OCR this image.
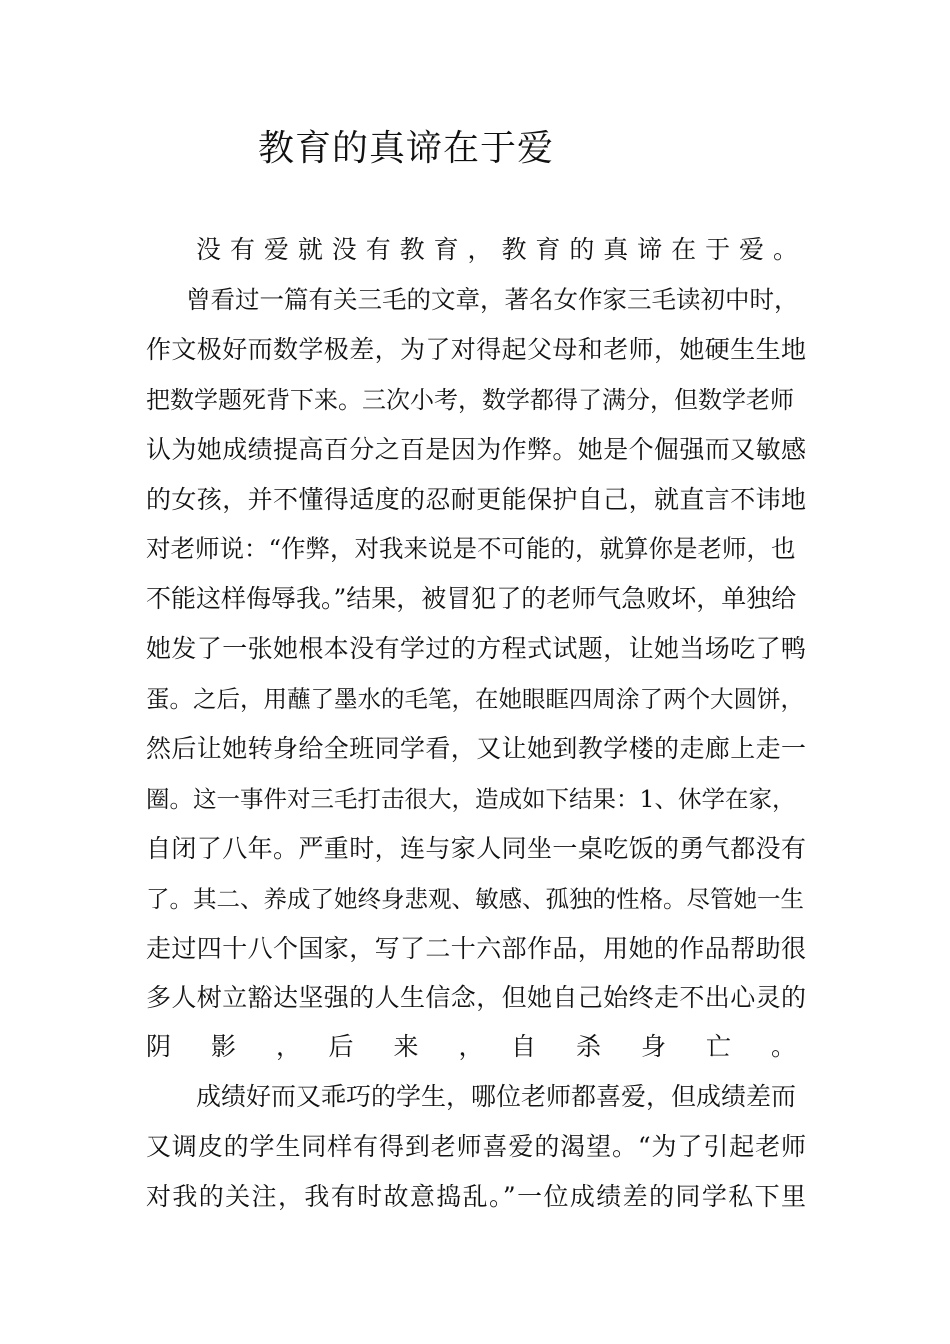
教育的真谛在于爱

没 有 爱 就 没 有 教 育 ， 教 育 的 真 谛 在 于 爱 。

曾看过一篇有关三毛的文章，著名女作家三毛读初中时，

作文极好而数学极差，为了对得起父母和老师，她硬生生地

把数学题死背下来。三次小考，数学都得了满分，但数学老师

认为她成绩提高百分之百是因为作弊。她是个倔强而又敏感

的女孩，并不懂得适度的忍耐更能保护自己，就直言不讳地

对老师说：“作弊，对我来说是不可能的，就算你是老师，也

不能这样侮辱我。”结果，被冒犯了的老师气急败坏，单独给

她发了一张她根本没有学过的方程式试题，让她当场吃了鸭

蛋。之后，用蘸了墨水的毛笔，在她眼眶四周涂了两个大圆饼，

然后让她转身给全班同学看，又让她到教学楼的走廊上走一

圈。这一事件对三毛打击很大，造成如下结果：1、休学在家，

自闭了八年。严重时，连与家人同坐一桌吃饭的勇气都没有

了。其二、养成了她终身悲观、敏感、孤独的性格。尽管她一生

走过四十八个国家，写了二十六部作品，用她的作品帮助很

多人树立豁达坚强的人生信念，但她自己始终走不出心灵的

阴　影　，　后　来　，　自　杀　身　亡　。

成绩好而又乖巧的学生，哪位老师都喜爱，但成绩差而

又调皮的学生同样有得到老师喜爱的渴望。“为了引起老师

对我的关注，我有时故意捣乱。”一位成绩差的同学私下里
